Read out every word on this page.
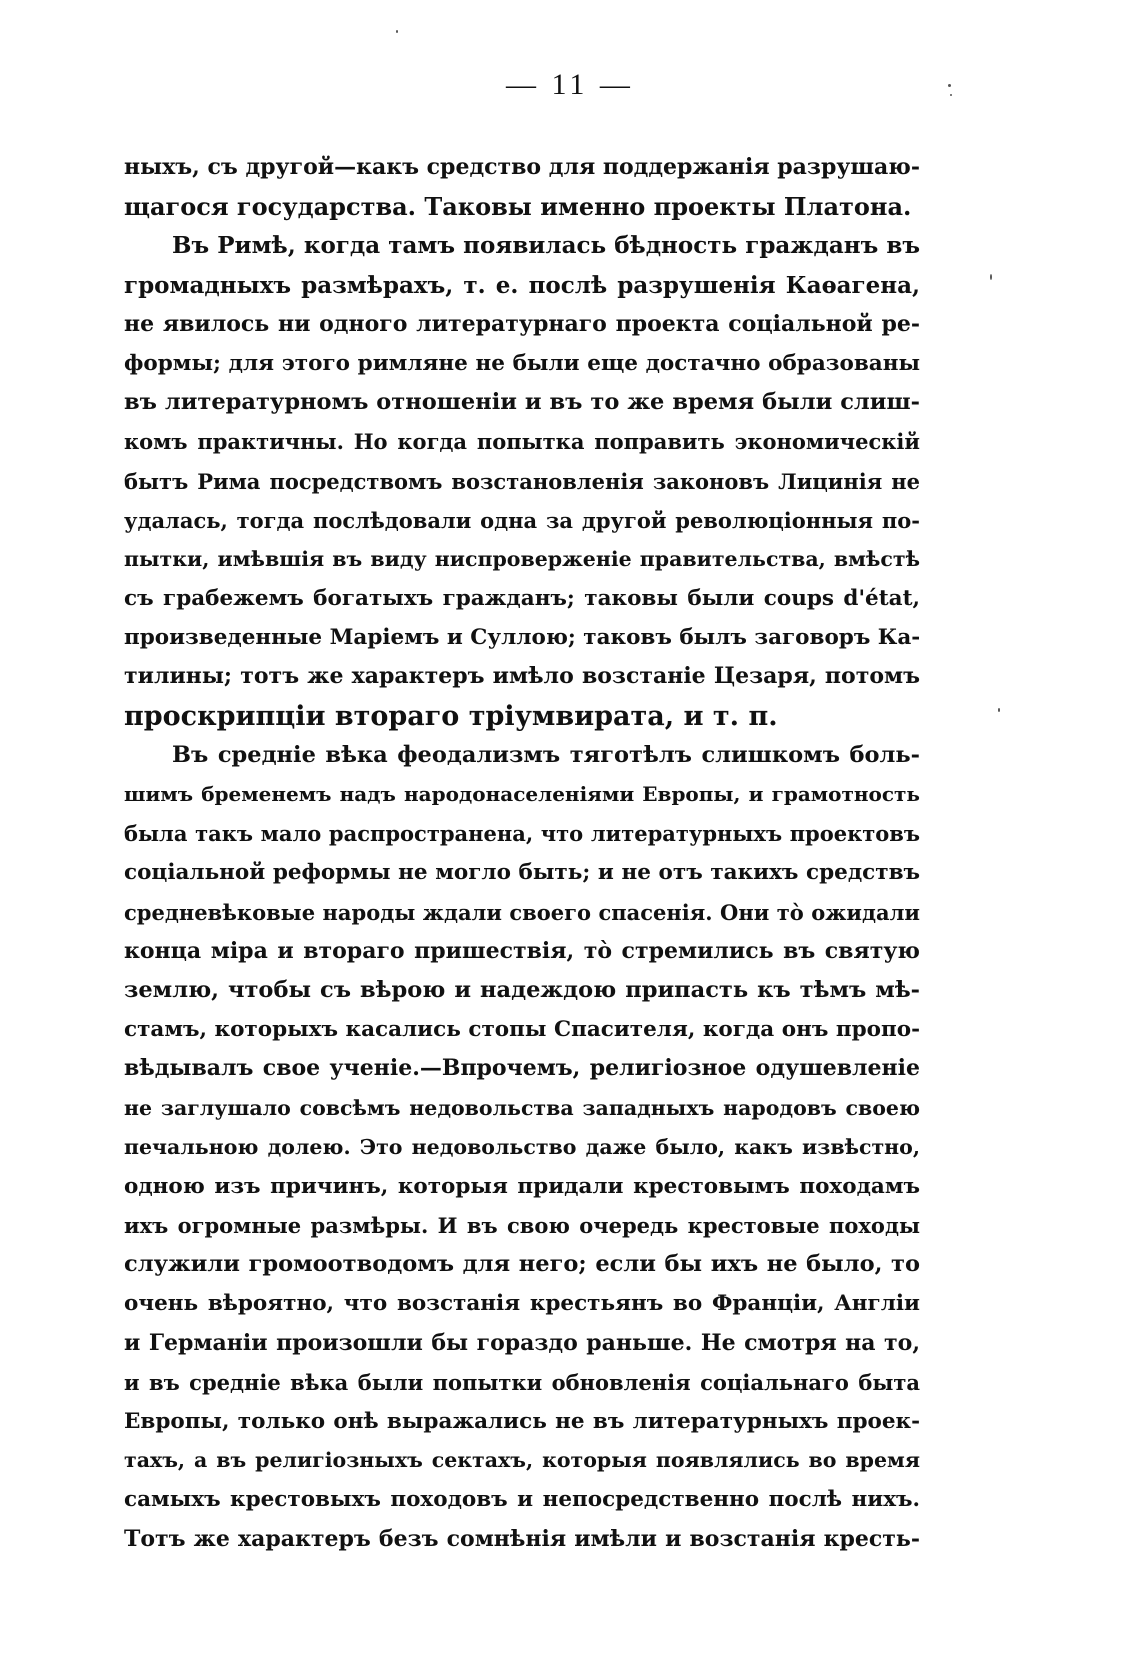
— 11 —
ныхъ, съ другой—какъ средство для поддержанія разрушаю-
щагося государства. Таковы именно проекты Платона.
Въ Римѣ, когда тамъ появилась бѣдность гражданъ въ
громадныхъ размѣрахъ, т. е. послѣ разрушенія Каѳагена,
не явилось ни одного литературнаго проекта соціальной ре-
формы; для этого римляне не были еще достачно образованы
въ литературномъ отношеніи и въ то же время были слиш-
комъ практичны. Но когда попытка поправить экономическій
бытъ Рима посредствомъ возстановленія законовъ Лицинія не
удалась, тогда послѣдовали одна за другой революціонныя по-
пытки, имѣвшія въ виду ниспроверженіе правительства, вмѣстѣ
съ грабежемъ богатыхъ гражданъ; таковы были coups d'état,
произведенные Маріемъ и Суллою; таковъ былъ заговоръ Ка-
тилины; тотъ же характеръ имѣло возстаніе Цезаря, потомъ
проскрипціи втораго тріумвирата, и т. п.
Въ средніе вѣка феодализмъ тяготѣлъ слишкомъ боль-
шимъ бременемъ надъ народонаселеніями Европы, и грамотность
была такъ мало распространена, что литературныхъ проектовъ
соціальной реформы не могло быть; и не отъ такихъ средствъ
средневѣковые народы ждали своего спасенія. Они тò ожидали
конца міра и втораго пришествія, тò стремились въ святую
землю, чтобы съ вѣрою и надеждою припасть къ тѣмъ мѣ-
стамъ, которыхъ касались стопы Спасителя, когда онъ пропо-
вѣдывалъ свое ученіе.—Впрочемъ, религіозное одушевленіе
не заглушало совсѣмъ недовольства западныхъ народовъ своею
печальною долею. Это недовольство даже было, какъ извѣстно,
одною изъ причинъ, которыя придали крестовымъ походамъ
ихъ огромные размѣры. И въ свою очередь крестовые походы
служили громоотводомъ для него; если бы ихъ не было, то
очень вѣроятно, что возстанія крестьянъ во Франціи, Англіи
и Германіи произошли бы гораздо раньше. Не смотря на то,
и въ средніе вѣка были попытки обновленія соціальнаго быта
Европы, только онѣ выражались не въ литературныхъ проек-
тахъ, а въ религіозныхъ сектахъ, которыя появлялись во время
самыхъ крестовыхъ походовъ и непосредственно послѣ нихъ.
Тотъ же характеръ безъ сомнѣнія имѣли и возстанія кресть-
